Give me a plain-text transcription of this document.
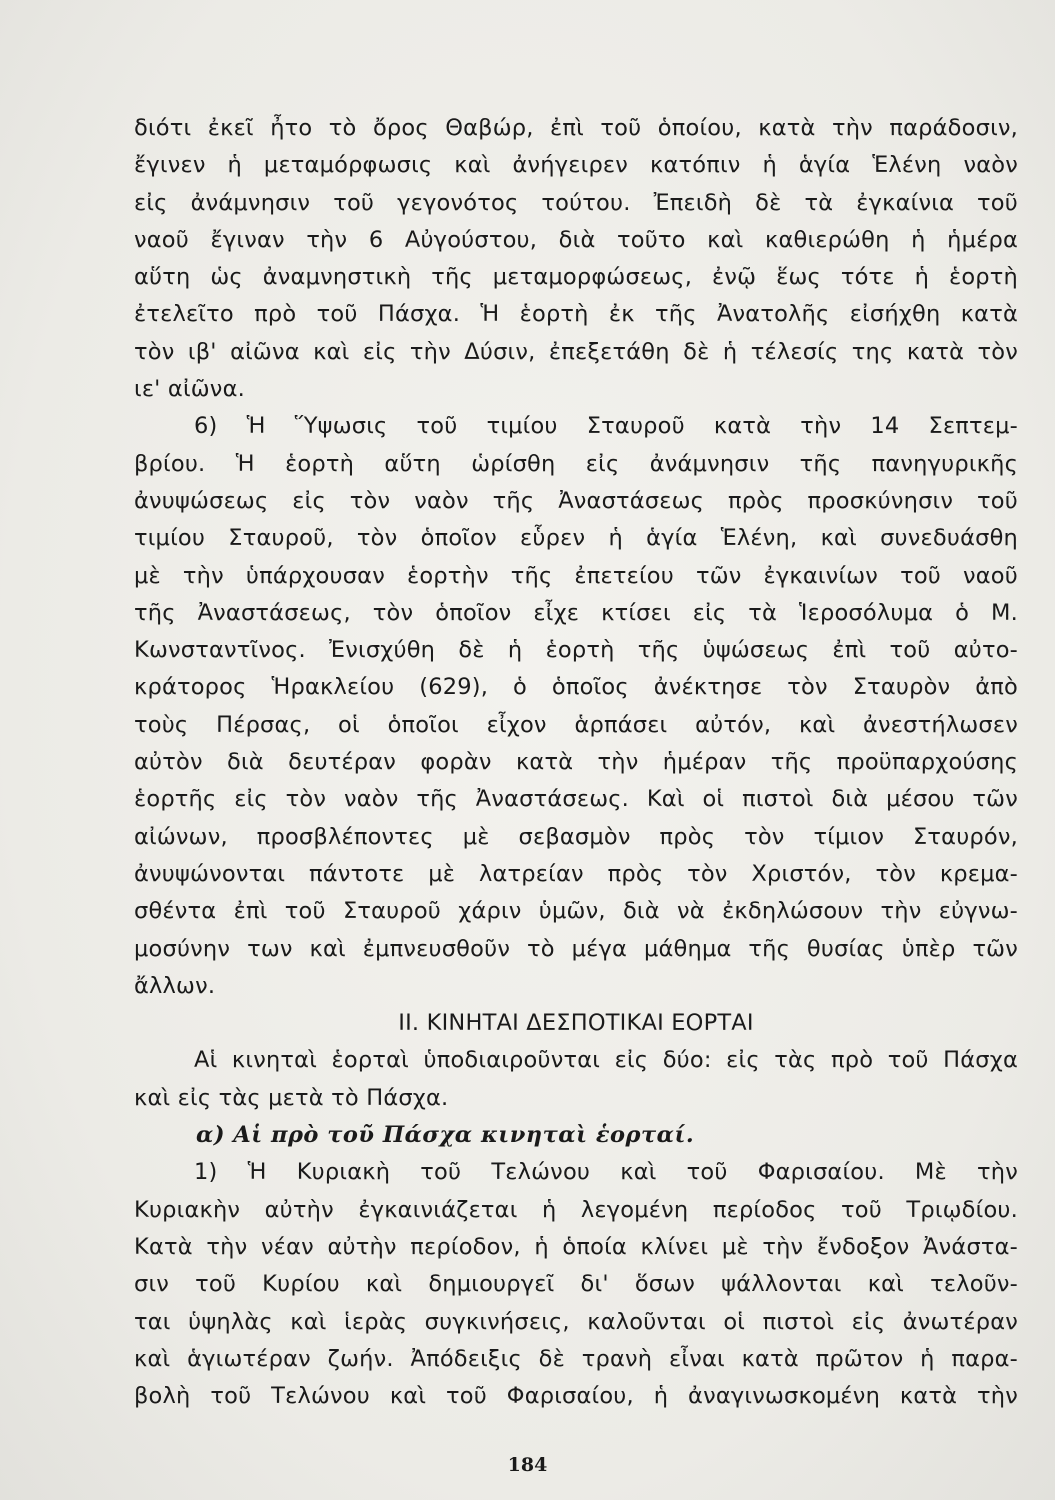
διότι ἐκεῖ ἦτο τὸ ὄρος Θαβώρ, ἐπὶ τοῦ ὁποίου, κατὰ τὴν παράδοσιν,
ἔγινεν ἡ μεταμόρφωσις καὶ ἀνήγειρεν κατόπιν ἡ ἁγία Ἑλένη ναὸν
εἰς ἀνάμνησιν τοῦ γεγονότος τούτου. Ἐπειδὴ δὲ τὰ ἐγκαίνια τοῦ
ναοῦ ἔγιναν τὴν 6 Αὐγούστου, διὰ τοῦτο καὶ καθιερώθη ἡ ἡμέρα
αὕτη ὡς ἀναμνηστικὴ τῆς μεταμορφώσεως, ἐνῷ ἕως τότε ἡ ἑορτὴ
ἐτελεῖτο πρὸ τοῦ Πάσχα. Ἡ ἑορτὴ ἐκ τῆς Ἀνατολῆς εἰσήχθη κατὰ
τὸν ιβ' αἰῶνα καὶ εἰς τὴν Δύσιν, ἐπεξετάθη δὲ ἡ τέλεσίς της κατὰ τὸν
ιε' αἰῶνα.
6) Ἡ Ὕψωσις τοῦ τιμίου Σταυροῦ κατὰ τὴν 14 Σεπτεμ-
βρίου. Ἡ ἑορτὴ αὕτη ὡρίσθη εἰς ἀνάμνησιν τῆς πανηγυρικῆς
ἀνυψώσεως εἰς τὸν ναὸν τῆς Ἀναστάσεως πρὸς προσκύνησιν τοῦ
τιμίου Σταυροῦ, τὸν ὁποῖον εὗρεν ἡ ἁγία Ἑλένη, καὶ συνεδυάσθη
μὲ τὴν ὑπάρχουσαν ἑορτὴν τῆς ἐπετείου τῶν ἐγκαινίων τοῦ ναοῦ
τῆς Ἀναστάσεως, τὸν ὁποῖον εἶχε κτίσει εἰς τὰ Ἱεροσόλυμα ὁ Μ.
Κωνσταντῖνος. Ἐνισχύθη δὲ ἡ ἑορτὴ τῆς ὑψώσεως ἐπὶ τοῦ αὐτο-
κράτορος Ἡρακλείου (629), ὁ ὁποῖος ἀνέκτησε τὸν Σταυρὸν ἀπὸ
τοὺς Πέρσας, οἱ ὁποῖοι εἶχον ἁρπάσει αὐτόν, καὶ ἀνεστήλωσεν
αὐτὸν διὰ δευτέραν φορὰν κατὰ τὴν ἡμέραν τῆς προϋπαρχούσης
ἑορτῆς εἰς τὸν ναὸν τῆς Ἀναστάσεως. Καὶ οἱ πιστοὶ διὰ μέσου τῶν
αἰώνων, προσβλέποντες μὲ σεβασμὸν πρὸς τὸν τίμιον Σταυρόν,
ἀνυψώνονται πάντοτε μὲ λατρείαν πρὸς τὸν Χριστόν, τὸν κρεμα-
σθέντα ἐπὶ τοῦ Σταυροῦ χάριν ὑμῶν, διὰ νὰ ἐκδηλώσουν τὴν εὐγνω-
μοσύνην των καὶ ἐμπνευσθοῦν τὸ μέγα μάθημα τῆς θυσίας ὑπὲρ τῶν
ἄλλων.
ΙΙ. ΚΙΝΗΤΑΙ ΔΕΣΠΟΤΙΚΑΙ ΕΟΡΤΑΙ
Αἱ κινηταὶ ἑορταὶ ὑποδιαιροῦνται εἰς δύο: εἰς τὰς πρὸ τοῦ Πάσχα
καὶ εἰς τὰς μετὰ τὸ Πάσχα.
α) Αἱ πρὸ τοῦ Πάσχα κινηταὶ ἑορταί.
1) Ἡ Κυριακὴ τοῦ Τελώνου καὶ τοῦ Φαρισαίου. Μὲ τὴν
Κυριακὴν αὐτὴν ἐγκαινιάζεται ἡ λεγομένη περίοδος τοῦ Τριῳδίου.
Κατὰ τὴν νέαν αὐτὴν περίοδον, ἡ ὁποία κλίνει μὲ τὴν ἔνδοξον Ἀνάστα-
σιν τοῦ Κυρίου καὶ δημιουργεῖ δι' ὅσων ψάλλονται καὶ τελοῦν-
ται ὑψηλὰς καὶ ἱερὰς συγκινήσεις, καλοῦνται οἱ πιστοὶ εἰς ἀνωτέραν
καὶ ἁγιωτέραν ζωήν. Ἀπόδειξις δὲ τρανὴ εἶναι κατὰ πρῶτον ἡ παρα-
βολὴ τοῦ Τελώνου καὶ τοῦ Φαρισαίου, ἡ ἀναγινωσκομένη κατὰ τὴν
184
